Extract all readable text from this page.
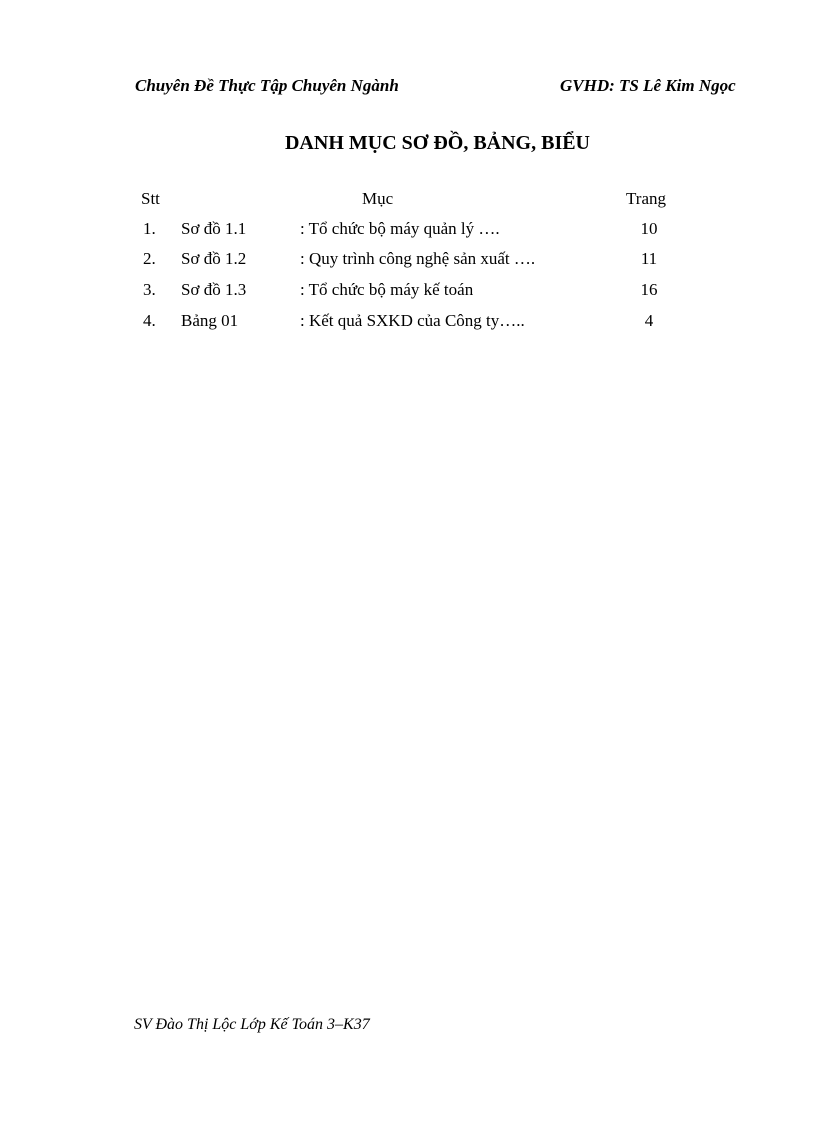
Chuyên Đề Thực Tập Chuyên Ngành	GVHD: TS Lê Kim Ngọc
DANH MỤC SƠ ĐỒ, BẢNG, BIỂU
Stt	Mục	Trang
1. Sơ đồ 1.1	: Tổ chức bộ máy quản lý ….	10
2. Sơ đồ 1.2	: Quy trình công nghệ sản xuất ….	11
3. Sơ đồ 1.3	: Tổ chức bộ máy kế toán	16
4. Bảng 01	: Kết quả SXKD của Công ty…..	4
SV Đào Thị Lộc Lớp Kế Toán 3–K37
